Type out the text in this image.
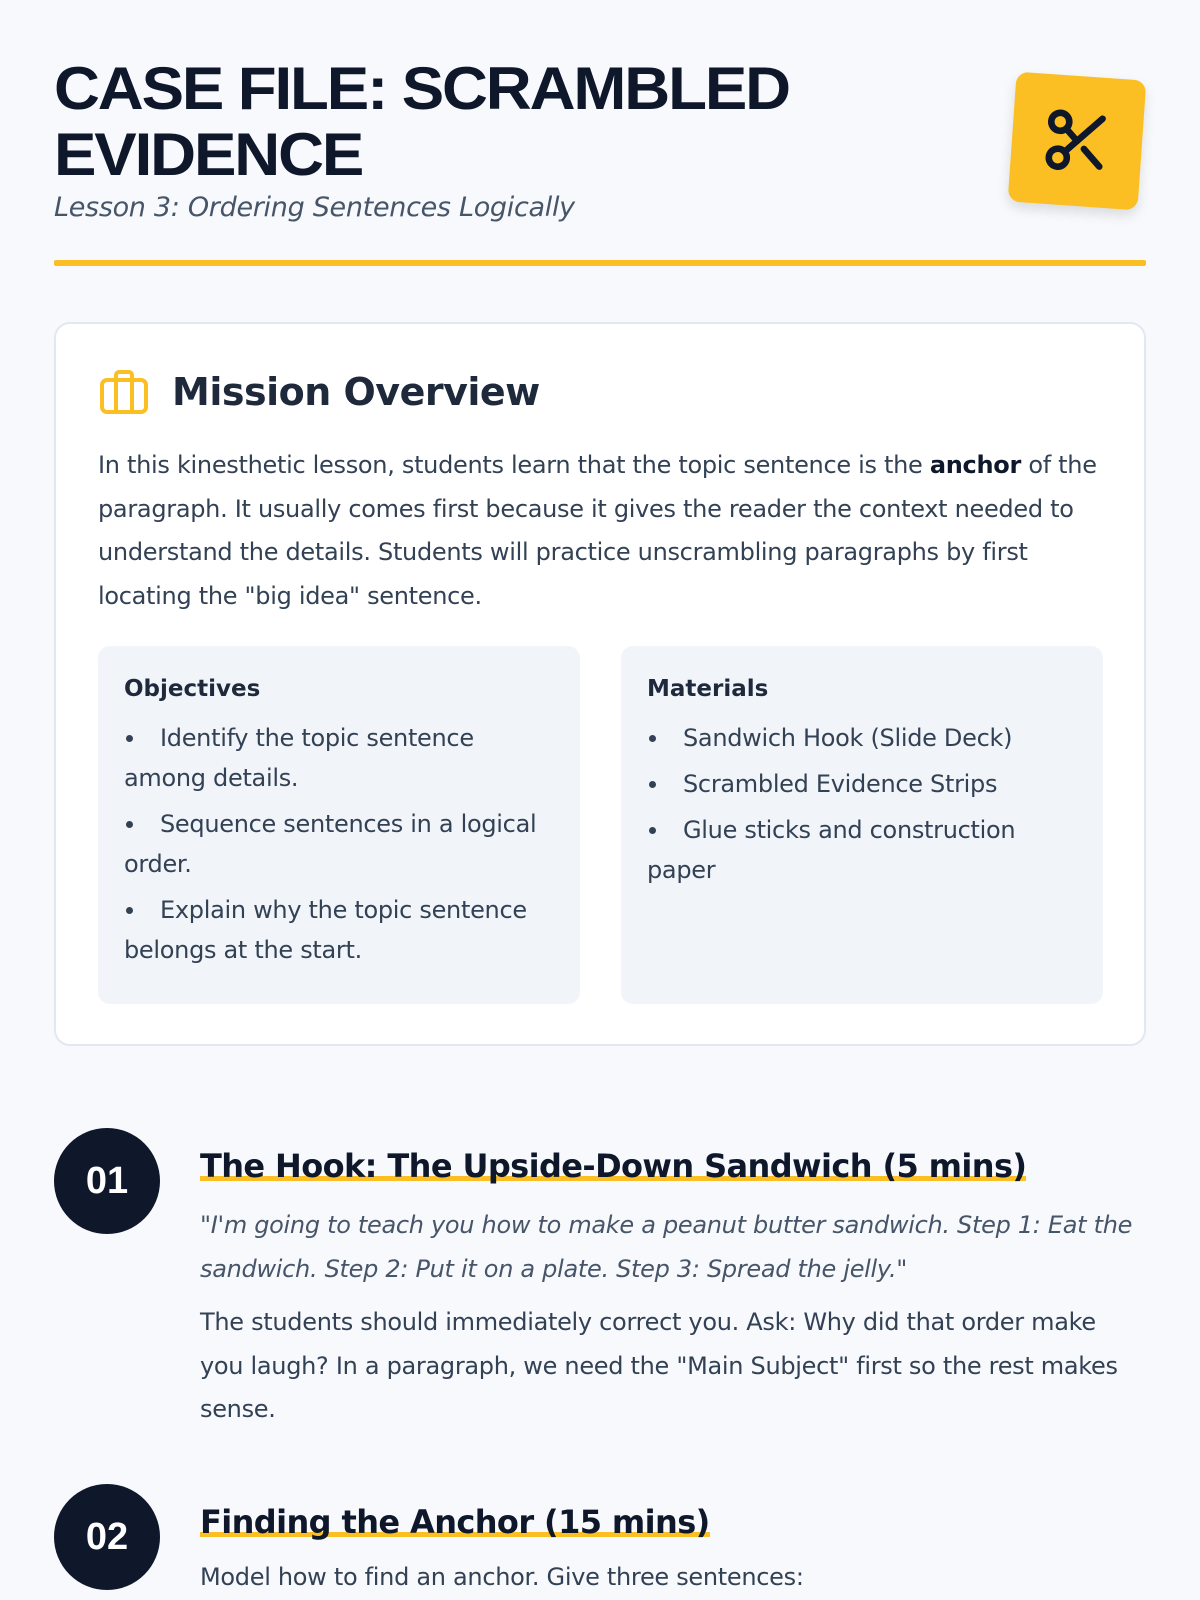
CASE FILE: SCRAMBLED EVIDENCE
Lesson 3: Ordering Sentences Logically
Mission Overview

In this kinesthetic lesson, students learn that the topic sentence is the anchor of the paragraph. It usually comes first because it gives the reader the context needed to understand the details. Students will practice unscrambling paragraphs by first locating the "big idea" sentence.

Objectives
Identify the topic sentence among details.
Sequence sentences in a logical order.
Explain why the topic sentence belongs at the start.
Materials
Sandwich Hook (Slide Deck)
Scrambled Evidence Strips
Glue sticks and construction paper
01	The Hook: The Upside-Down Sandwich (5 mins)

"I'm going to teach you how to make a peanut butter sandwich. Step 1: Eat the sandwich. Step 2: Put it on a plate. Step 3: Spread the jelly."

The students should immediately correct you. Ask: Why did that order make you laugh? In a paragraph, we need the "Main Subject" first so the rest makes sense.

02	Finding the Anchor (15 mins)

Model how to find an anchor. Give three sentences:
